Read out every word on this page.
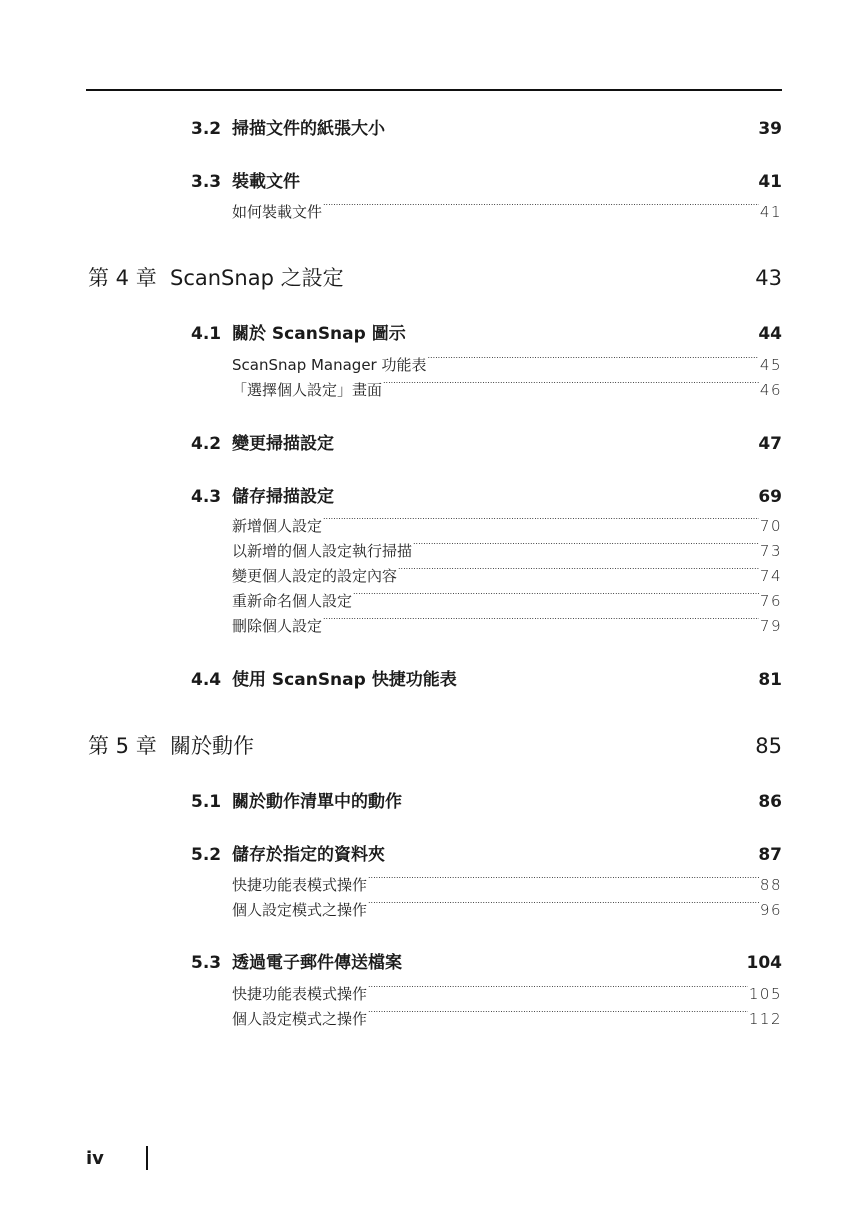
3.2 掃描文件的紙張大小 .....	39
3.3 裝載文件 .....	41
如何裝載文件 .....	41
第 4 章 ScanSnap 之設定 .....	43
4.1 關於 ScanSnap 圖示 .....	44
ScanSnap Manager 功能表 .....	45
「選擇個人設定」畫面 .....	46
4.2 變更掃描設定 .....	47
4.3 儲存掃描設定 .....	69
新增個人設定 .....	70
以新增的個人設定執行掃描 .....	73
變更個人設定的設定內容 .....	74
重新命名個人設定 .....	76
刪除個人設定 .....	79
4.4 使用 ScanSnap 快捷功能表 .....	81
第 5 章 關於動作 .....	85
5.1 關於動作清單中的動作 .....	86
5.2 儲存於指定的資料夾 .....	87
快捷功能表模式操作 .....	88
個人設定模式之操作 .....	96
5.3 透過電子郵件傳送檔案 .....	104
快捷功能表模式操作 .....	105
個人設定模式之操作 .....	112
iv
